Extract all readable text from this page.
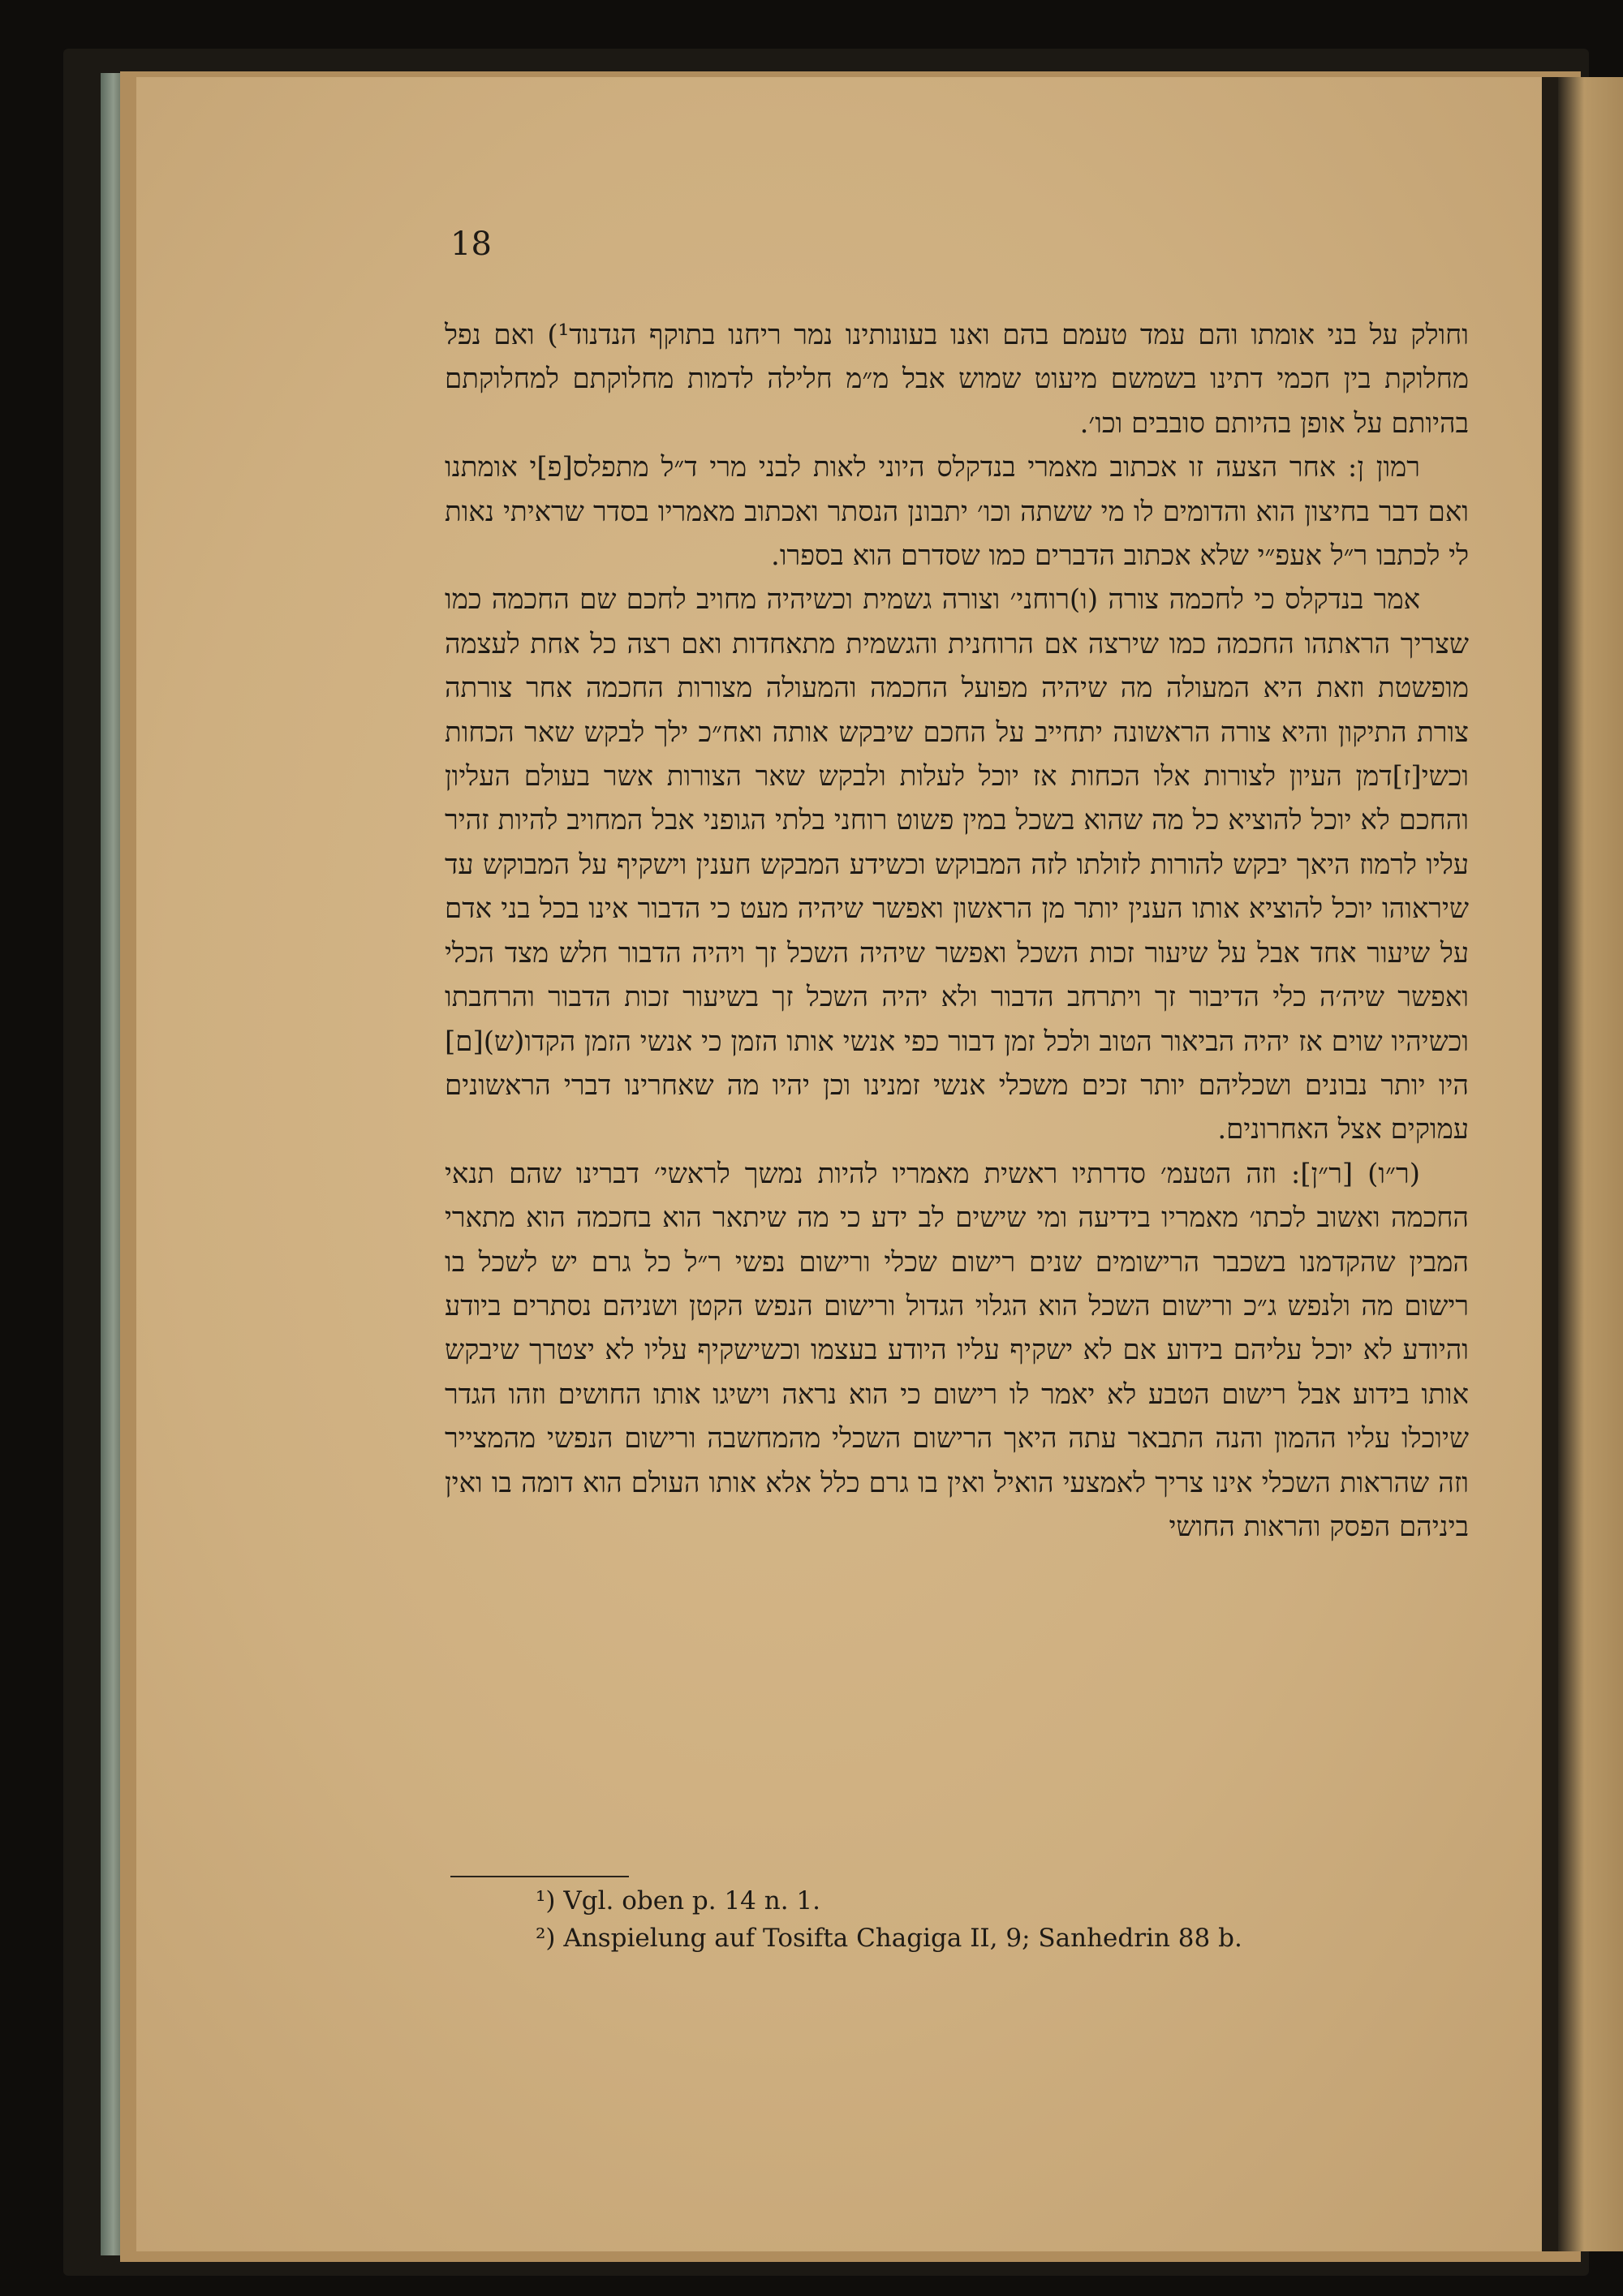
18

וחולק על בני אומתו והם עמד טעמם בהם ואנו בעונותינו נמר ריחנו בתוקף הנדנוד¹) ואם נפל מחלוקת בין חכמי דתינו בשמשם מיעוט שמוש אבל מ״מ חלילה לדמות מחלוקתם למחלוקתם בהיותם על אופן בהיותם סובבים וכו׳.

רמון ן: אחר הצעה זו אכתוב מאמרי בנדקלס היוני לאות לבני מרי ד״ל מתפלס[פ]י אומתנו ואם דבר בחיצון הוא והדומים לו מי ששתה וכו׳ יתבונן הנסתר ואכתוב מאמריו בסדר שראיתי נאות לי לכתבו ר״ל אעפ״י שלא אכתוב הדברים כמו שסדרם הוא בספרו.

אמר בנדקלס כי לחכמה צורה (ו)רוחני׳ וצורה גשמית וכשיהיה מחויב לחכם שם החכמה כמו שצריך הראתהו החכמה כמו שירצה אם הרוחנית והגשמית מתאחדות ואם רצה כל אחת לעצמה מופשטת וזאת היא המעולה מה שיהיה מפועל החכמה והמעולה מצורות החכמה אחר צורתה צורת התיקון והיא צורה הראשונה יתחייב על החכם שיבקש אותה ואח״כ ילך לבקש שאר הכחות וכשי[ז]דמן העיון לצורות אלו הכחות אז יוכל לעלות ולבקש שאר הצורות אשר בעולם העליון והחכם לא יוכל להוציא כל מה שהוא בשכל במין פשוט רוחני בלתי הגופני אבל המחויב להיות זהיר עליו לרמוז היאך יבקש להורות לזולתו לזה המבוקש וכשידע המבקש חענין וישקיף על המבוקש עד שיראוהו יוכל להוציא אותו הענין יותר מן הראשון ואפשר שיהיה מעט כי הדבור אינו בכל בני אדם על שיעור אחד אבל על שיעור זכות השכל ואפשר שיהיה השכל זך ויהיה הדבור חלש מצד הכלי ואפשר שיה׳ה כלי הדיבור זך ויתרחב הדבור ולא יהיה השכל זך בשיעור זכות הדבור והרחבתו וכשיהיו שוים אז יהיה הביאור הטוב ולכל זמן דבור כפי אנשי אותו הזמן כי אנשי הזמן הקדו(ש)[ם] היו יותר נבונים ושכליהם יותר זכים משכלי אנשי זמנינו וכן יהיו מה שאחרינו דברי הראשונים עמוקים אצל האחרונים.

(ר״ו) [ר״ן]: וזה הטעמ׳ סדרתיו ראשית מאמריו להיות נמשך לראשי׳ דברינו שהם תנאי החכמה ואשוב לכתו׳ מאמריו בידיעה ומי שישים לב ידע כי מה שיתאר הוא בחכמה הוא מתארי המבין שהקדמנו בשכבר הרישומים שנים רישום שכלי ורישום נפשי ר״ל כל גרם יש לשכל בו רישום מה ולנפש ג״כ ורישום השכל הוא הגלוי הגדול ורישום הנפש הקטן ושניהם נסתרים ביודע והיודע לא יוכל עליהם בידוע אם לא ישקיף עליו היודע בעצמו וכשישקיף עליו לא יצטרך שיבקש אותו בידוע אבל רישום הטבע לא יאמר לו רישום כי הוא נראה וישיגו אותו החושים וזהו הגדר שיוכלו עליו ההמון והנה התבאר עתה היאך הרישום השכלי מהמחשבה ורישום הנפשי מהמצייר וזה שהראות השכלי אינו צריך לאמצעי הואיל ואין בו גרם כלל אלא אותו העולם הוא דומה בו ואין ביניהם הפסק והראות החושי

¹) Vgl. oben p. 14 n. 1.
²) Anspielung auf Tosifta Chagiga II, 9; Sanhedrin 88 b.
